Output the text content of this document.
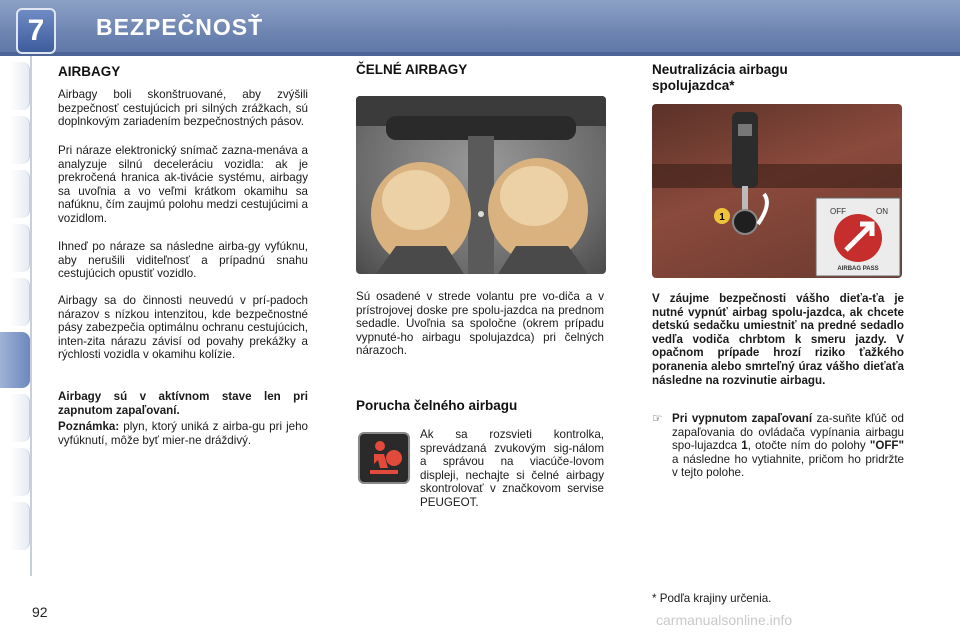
7	BEZPEČNOSŤ
AIRBAGY
Airbagy boli skonštruované, aby zvýšili bezpečnosť cestujúcich pri silných zrážkach, sú doplnkovým zariadením bezpečnostných pásov.
Pri náraze elektronický snímač zazna-menáva a analyzuje silnú deceleráciu vozidla: ak je prekročená hranica ak-tivácie systému, airbagy sa uvoľnia a vo veľmi krátkom okamihu sa nafúknu, čím zaujmú polohu medzi cestujúcimi a vozidlom.
Ihneď po náraze sa následne airba-gy vyfúknu, aby nerušili viditeľnosť a prípadnú snahu cestujúcich opustiť vozidlo.
Airbagy sa do činnosti neuvedú v prí-padoch nárazov s nízkou intenzitou, kde bezpečnostné pásy zabezpečia optimálnu ochranu cestujúcich, inten-zita nárazu závisí od povahy prekážky a rýchlosti vozidla v okamihu kolízie.
Airbagy sú v aktívnom stave len pri zapnutom zapaľovaní.
Poznámka: plyn, ktorý uniká z airba-gu pri jeho vyfúknutí, môže byť mier-ne dráždivý.
ČELNÉ AIRBAGY
Sú osadené v strede volantu pre vo-diča a v prístrojovej doske pre spolu-jazdca na prednom sedadle. Uvoľnia sa spoločne (okrem prípadu vypnuté-ho airbagu spolujazdca) pri čelných nárazoch.
Porucha čelného airbagu
Ak sa rozsvieti kontrolka, sprevádzaná zvukovým sig-nálom a správou na viacúče-lovom displeji, nechajte si čelné airbagy skontrolovať v značkovom servise PEUGEOT.
Neutralizácia airbagu spolujazdca*
1
OFF	ON
AIRBAG PASS
V záujme bezpečnosti vášho dieťa-ťa je nutné vypnúť airbag spolu-jazdca, ak chcete detskú sedačku umiestniť na predné sedadlo vedľa vodiča chrbtom k smeru jazdy. V opačnom prípade hrozí riziko ťažkého poranenia alebo smrteľný úraz vášho dieťaťa následne na rozvinutie airbagu.
☞ Pri vypnutom zapaľovaní za-suňte kľúč od zapaľovania do ovládača vypínania airbagu spo-lujazdca 1, otočte ním do polohy "OFF" a následne ho vytiahnite, pričom ho pridržte v tejto polohe.
* Podľa krajiny určenia.
92	carmanualsonline.info
